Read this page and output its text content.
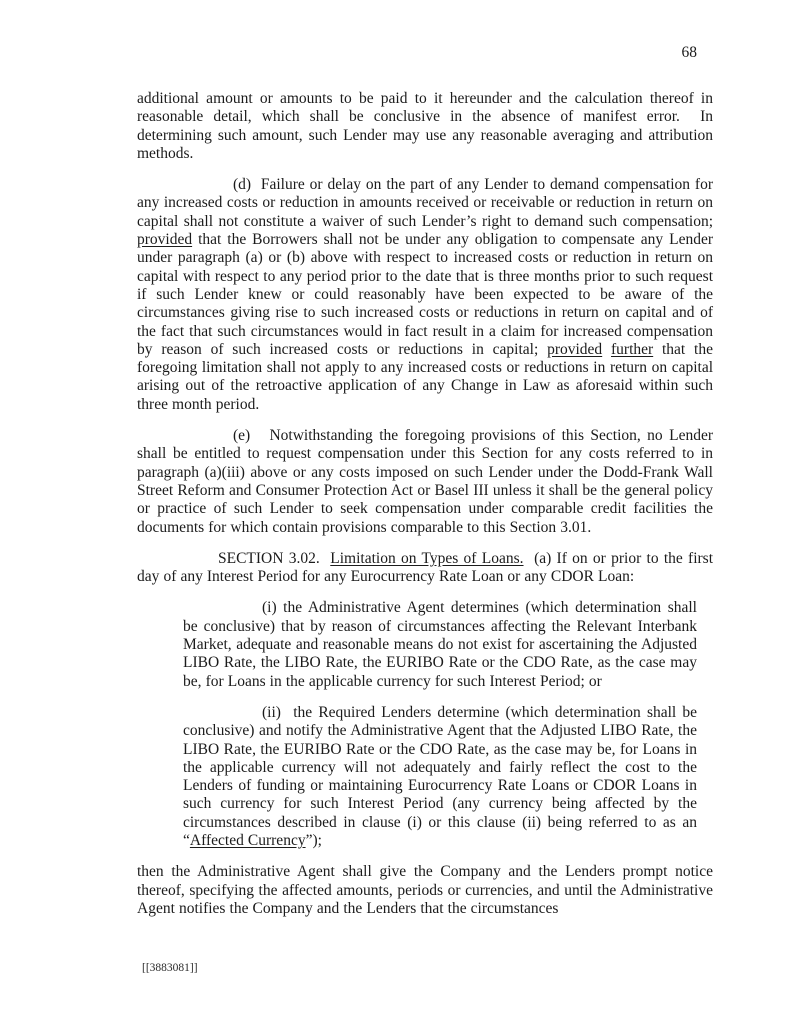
68

additional amount or amounts to be paid to it hereunder and the calculation thereof in reasonable detail, which shall be conclusive in the absence of manifest error.  In determining such amount, such Lender may use any reasonable averaging and attribution methods.

(d)  Failure or delay on the part of any Lender to demand compensation for any increased costs or reduction in amounts received or receivable or reduction in return on capital shall not constitute a waiver of such Lender’s right to demand such compensation; provided that the Borrowers shall not be under any obligation to compensate any Lender under paragraph (a) or (b) above with respect to increased costs or reduction in return on capital with respect to any period prior to the date that is three months prior to such request if such Lender knew or could reasonably have been expected to be aware of the circumstances giving rise to such increased costs or reductions in return on capital and of the fact that such circumstances would in fact result in a claim for increased compensation by reason of such increased costs or reductions in capital; provided further that the foregoing limitation shall not apply to any increased costs or reductions in return on capital arising out of the retroactive application of any Change in Law as aforesaid within such three month period.

(e)   Notwithstanding the foregoing provisions of this Section, no Lender shall be entitled to request compensation under this Section for any costs referred to in paragraph (a)(iii) above or any costs imposed on such Lender under the Dodd-Frank Wall Street Reform and Consumer Protection Act or Basel III unless it shall be the general policy or practice of such Lender to seek compensation under comparable credit facilities the documents for which contain provisions comparable to this Section 3.01.

SECTION 3.02.  Limitation on Types of Loans.  (a) If on or prior to the first day of any Interest Period for any Eurocurrency Rate Loan or any CDOR Loan:

(i) the Administrative Agent determines (which determination shall be conclusive) that by reason of circumstances affecting the Relevant Interbank Market, adequate and reasonable means do not exist for ascertaining the Adjusted LIBO Rate, the LIBO Rate, the EURIBO Rate or the CDO Rate, as the case may be, for Loans in the applicable currency for such Interest Period; or

(ii)  the Required Lenders determine (which determination shall be conclusive) and notify the Administrative Agent that the Adjusted LIBO Rate, the LIBO Rate, the EURIBO Rate or the CDO Rate, as the case may be, for Loans in the applicable currency will not adequately and fairly reflect the cost to the Lenders of funding or maintaining Eurocurrency Rate Loans or CDOR Loans in such currency for such Interest Period (any currency being affected by the circumstances described in clause (i) or this clause (ii) being referred to as an “Affected Currency”);

then the Administrative Agent shall give the Company and the Lenders prompt notice thereof, specifying the affected amounts, periods or currencies, and until the Administrative Agent notifies the Company and the Lenders that the circumstances

[[3883081]]
